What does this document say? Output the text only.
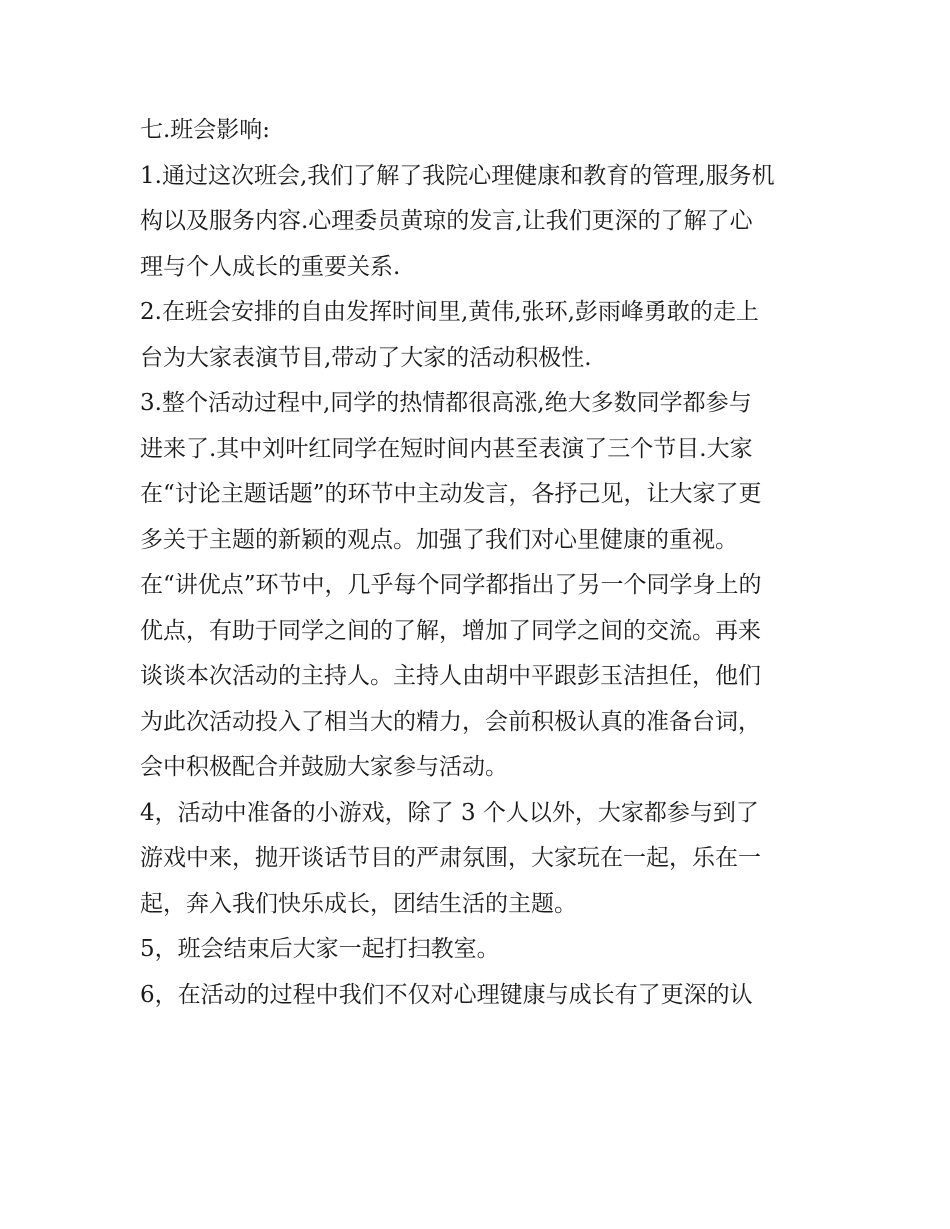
七.班会影响:
1.通过这次班会,我们了解了我院心理健康和教育的管理,服务机
构以及服务内容.心理委员黄琼的发言,让我们更深的了解了心
理与个人成长的重要关系.
2.在班会安排的自由发挥时间里,黄伟,张环,彭雨峰勇敢的走上
台为大家表演节目,带动了大家的活动积极性.
3.整个活动过程中,同学的热情都很高涨,绝大多数同学都参与
进来了.其中刘叶红同学在短时间内甚至表演了三个节目.大家
在“讨论主题话题”的环节中主动发言，各抒己见，让大家了更
多关于主题的新颖的观点。加强了我们对心里健康的重视。
在“讲优点”环节中，几乎每个同学都指出了另一个同学身上的
优点，有助于同学之间的了解，增加了同学之间的交流。再来
谈谈本次活动的主持人。主持人由胡中平跟彭玉洁担任，他们
为此次活动投入了相当大的精力，会前积极认真的准备台词，
会中积极配合并鼓励大家参与活动。
4，活动中准备的小游戏，除了 3 个人以外，大家都参与到了
游戏中来，抛开谈话节目的严肃氛围，大家玩在一起，乐在一
起，奔入我们快乐成长，团结生活的主题。
5，班会结束后大家一起打扫教室。
6，在活动的过程中我们不仅对心理键康与成长有了更深的认
